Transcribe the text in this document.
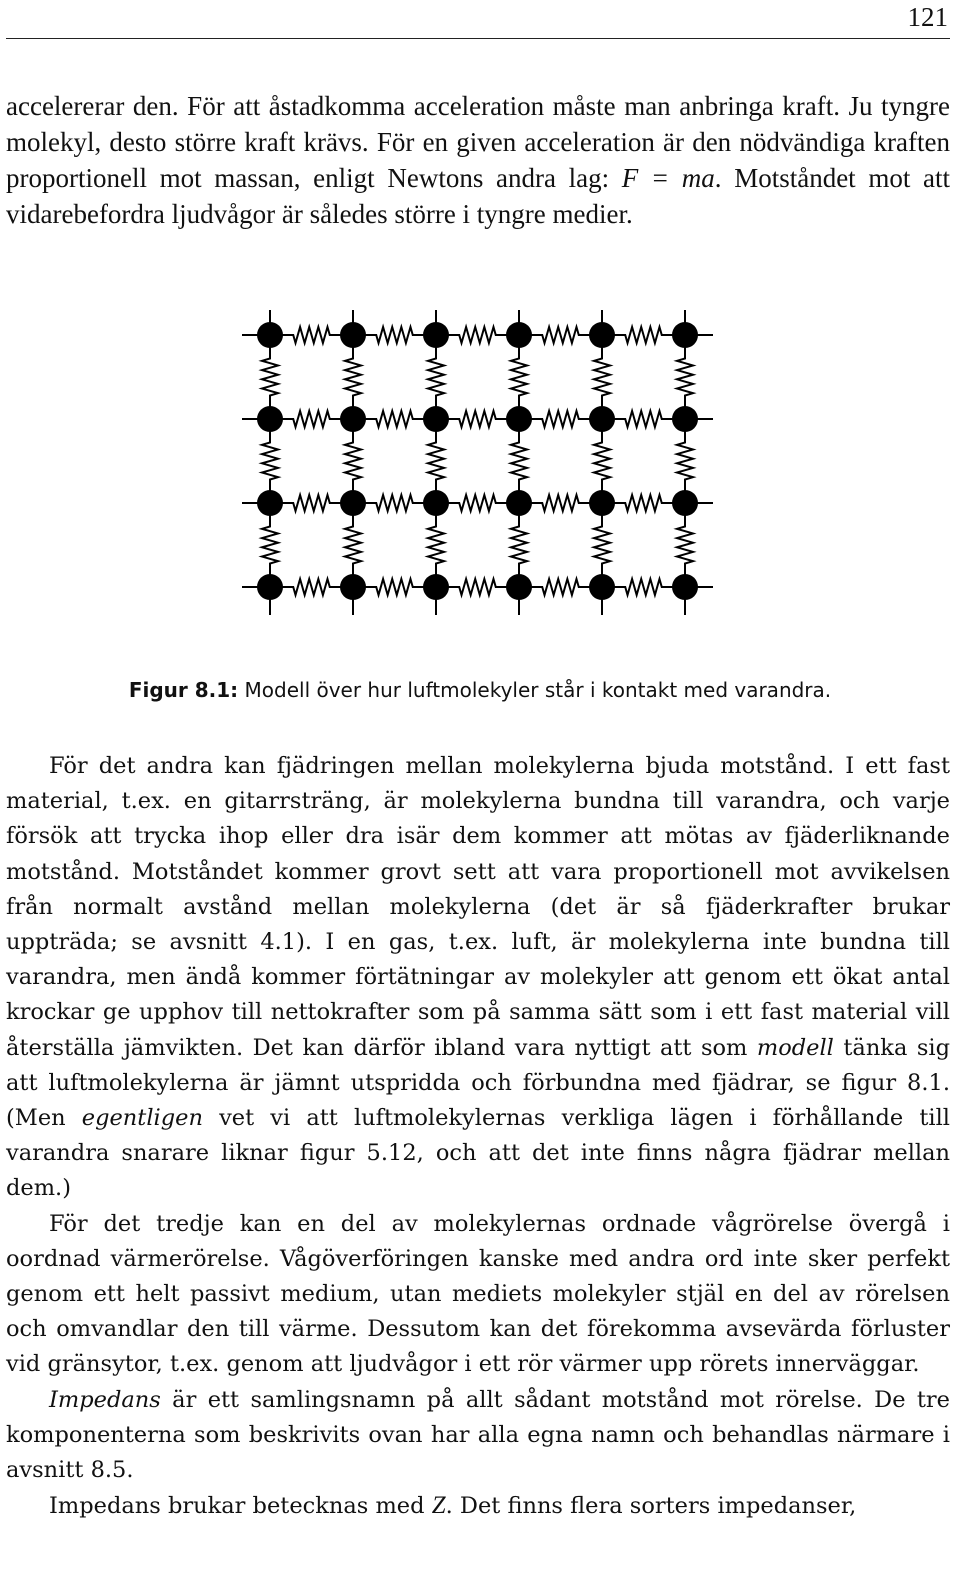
121

accelererar den. För att åstadkomma acceleration måste man anbringa kraft. Ju tyngre molekyl, desto större kraft krävs. För en given acceleration är den nödvändiga kraften proportionell mot massan, enligt Newtons andra lag: F = ma. Motståndet mot att vidarebefordra ljudvågor är således större i tyngre medier.

Figur 8.1: Modell över hur luftmolekyler står i kontakt med varandra.

För det andra kan fjädringen mellan molekylerna bjuda motstånd. I ett fast material, t.ex. en gitarrsträng, är molekylerna bundna till varandra, och varje försök att trycka ihop eller dra isär dem kommer att mötas av fjäderliknande motstånd. Motståndet kommer grovt sett att vara proportionell mot avvikelsen från normalt avstånd mellan molekylerna (det är så fjäderkrafter brukar uppträda; se avsnitt 4.1). I en gas, t.ex. luft, är molekylerna inte bundna till varandra, men ändå kommer förtätningar av molekyler att genom ett ökat antal krockar ge upphov till nettokrafter som på samma sätt som i ett fast material vill återställa jämvikten. Det kan därför ibland vara nyttigt att som modell tänka sig att luftmolekylerna är jämnt utspridda och förbundna med fjädrar, se figur 8.1. (Men egentligen vet vi att luftmolekylernas verkliga lägen i förhållande till varandra snarare liknar figur 5.12, och att det inte finns några fjädrar mellan dem.)

För det tredje kan en del av molekylernas ordnade vågrörelse övergå i oordnad värmerörelse. Vågöverföringen kanske med andra ord inte sker perfekt genom ett helt passivt medium, utan mediets molekyler stjäl en del av rörelsen och omvandlar den till värme. Dessutom kan det förekomma avsevärda förluster vid gränsytor, t.ex. genom att ljudvågor i ett rör värmer upp rörets innerväggar.

Impedans är ett samlingsnamn på allt sådant motstånd mot rörelse. De tre komponenterna som beskrivits ovan har alla egna namn och behandlas närmare i avsnitt 8.5.

Impedans brukar betecknas med Z. Det finns flera sorters impedanser,
